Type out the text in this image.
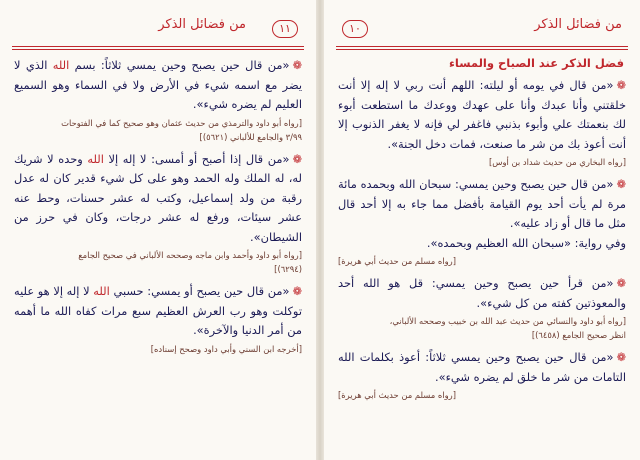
١١
من فضائل الذكر

❁«من قال حين يصبح وحين يمسي ثلاثاً: بسم الله الذي لا يضر مع اسمه شيء في الأرض ولا في السماء وهو السميع العليم لم يضره شيء».

[رواه أبو داود والترمذي من حديث عثمان وهو صحيح كما في الفتوحات
٣/٩٩ والجامع للألباني (٥٦٢١)]

❁«من قال إذا أصبح أو أمسى: لا إله إلا الله وحده لا شريك له، له الملك وله الحمد وهو على كل شيء قدير كان له عدل رقبة من ولد إسماعيل، وكتب له عشر حسنات، وحط عنه عشر سيئات، ورفع له عشر درجات، وكان في حرز من الشيطان».

[رواه أبو داود وأحمد وابن ماجه وصححه الألباني في صحيح الجامع
(٦٢٩٤)]

❁«من قال حين يصبح أو يمسي: حسبي الله لا إله إلا هو عليه توكلت وهو رب العرش العظيم سبع مرات كفاه الله ما أهمه من أمر الدنيا والآخرة».

[أخرجه ابن السني وأبي داود وصحح إسناده]
من فضائل الذكر
١٠
فضل الذكر عند الصباح والمساء

❁«من قال في يومه أو ليلته: اللهم أنت ربي لا إله إلا أنت خلقتني وأنا عبدك وأنا على عهدك ووعدك ما استطعت أبوء لك بنعمتك علي وأبوء بذنبي فاغفر لي فإنه لا يغفر الذنوب إلا أنت أعوذ بك من شر ما صنعت، فمات دخل الجنة».

[رواه البخاري من حديث شداد بن أوس]

❁«من قال حين يصبح وحين يمسي: سبحان الله وبحمده مائة مرة لم يأت أحد يوم القيامة بأفضل مما جاء به إلا أحد قال مثل ما قال أو زاد عليه».

وفي رواية: «سبحان الله العظيم وبحمده».

[رواه مسلم من حديث أبي هريرة]

❁«من قرأ حين يصبح وحين يمسي: قل هو الله أحد والمعوذتين كفته من كل شيء».

[رواه أبو داود والنسائي من حديث عبد الله بن خبيب وصححه الألباني،
انظر صحيح الجامع (٦٤٥٨)]

❁«من قال حين يصبح وحين يمسي ثلاثاً: أعوذ بكلمات الله التامات من شر ما خلق لم يضره شيء».

[رواه مسلم من حديث أبي هريرة]
